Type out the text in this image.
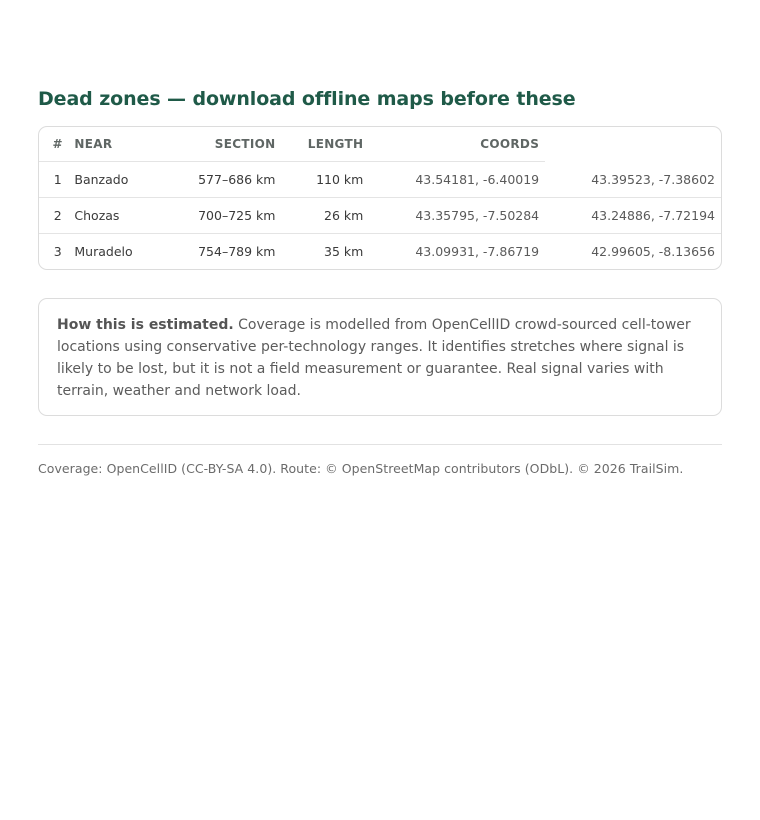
Dead zones — download offline maps before these
#	NEAR	SECTION	LENGTH	COORDS	
1	Banzado	577–686 km	110 km	43.54181, -6.40019	43.39523, -7.38602
2	Chozas	700–725 km	26 km	43.35795, -7.50284	43.24886, -7.72194
3	Muradelo	754–789 km	35 km	43.09931, -7.86719	42.99605, -8.13656
How this is estimated. Coverage is modelled from OpenCellID crowd-sourced cell-tower locations using conservative per-technology ranges. It identifies stretches where signal is likely to be lost, but it is not a field measurement or guarantee. Real signal varies with terrain, weather and network load.
Coverage: OpenCellID (CC-BY-SA 4.0). Route: © OpenStreetMap contributors (ODbL). © 2026 TrailSim.
